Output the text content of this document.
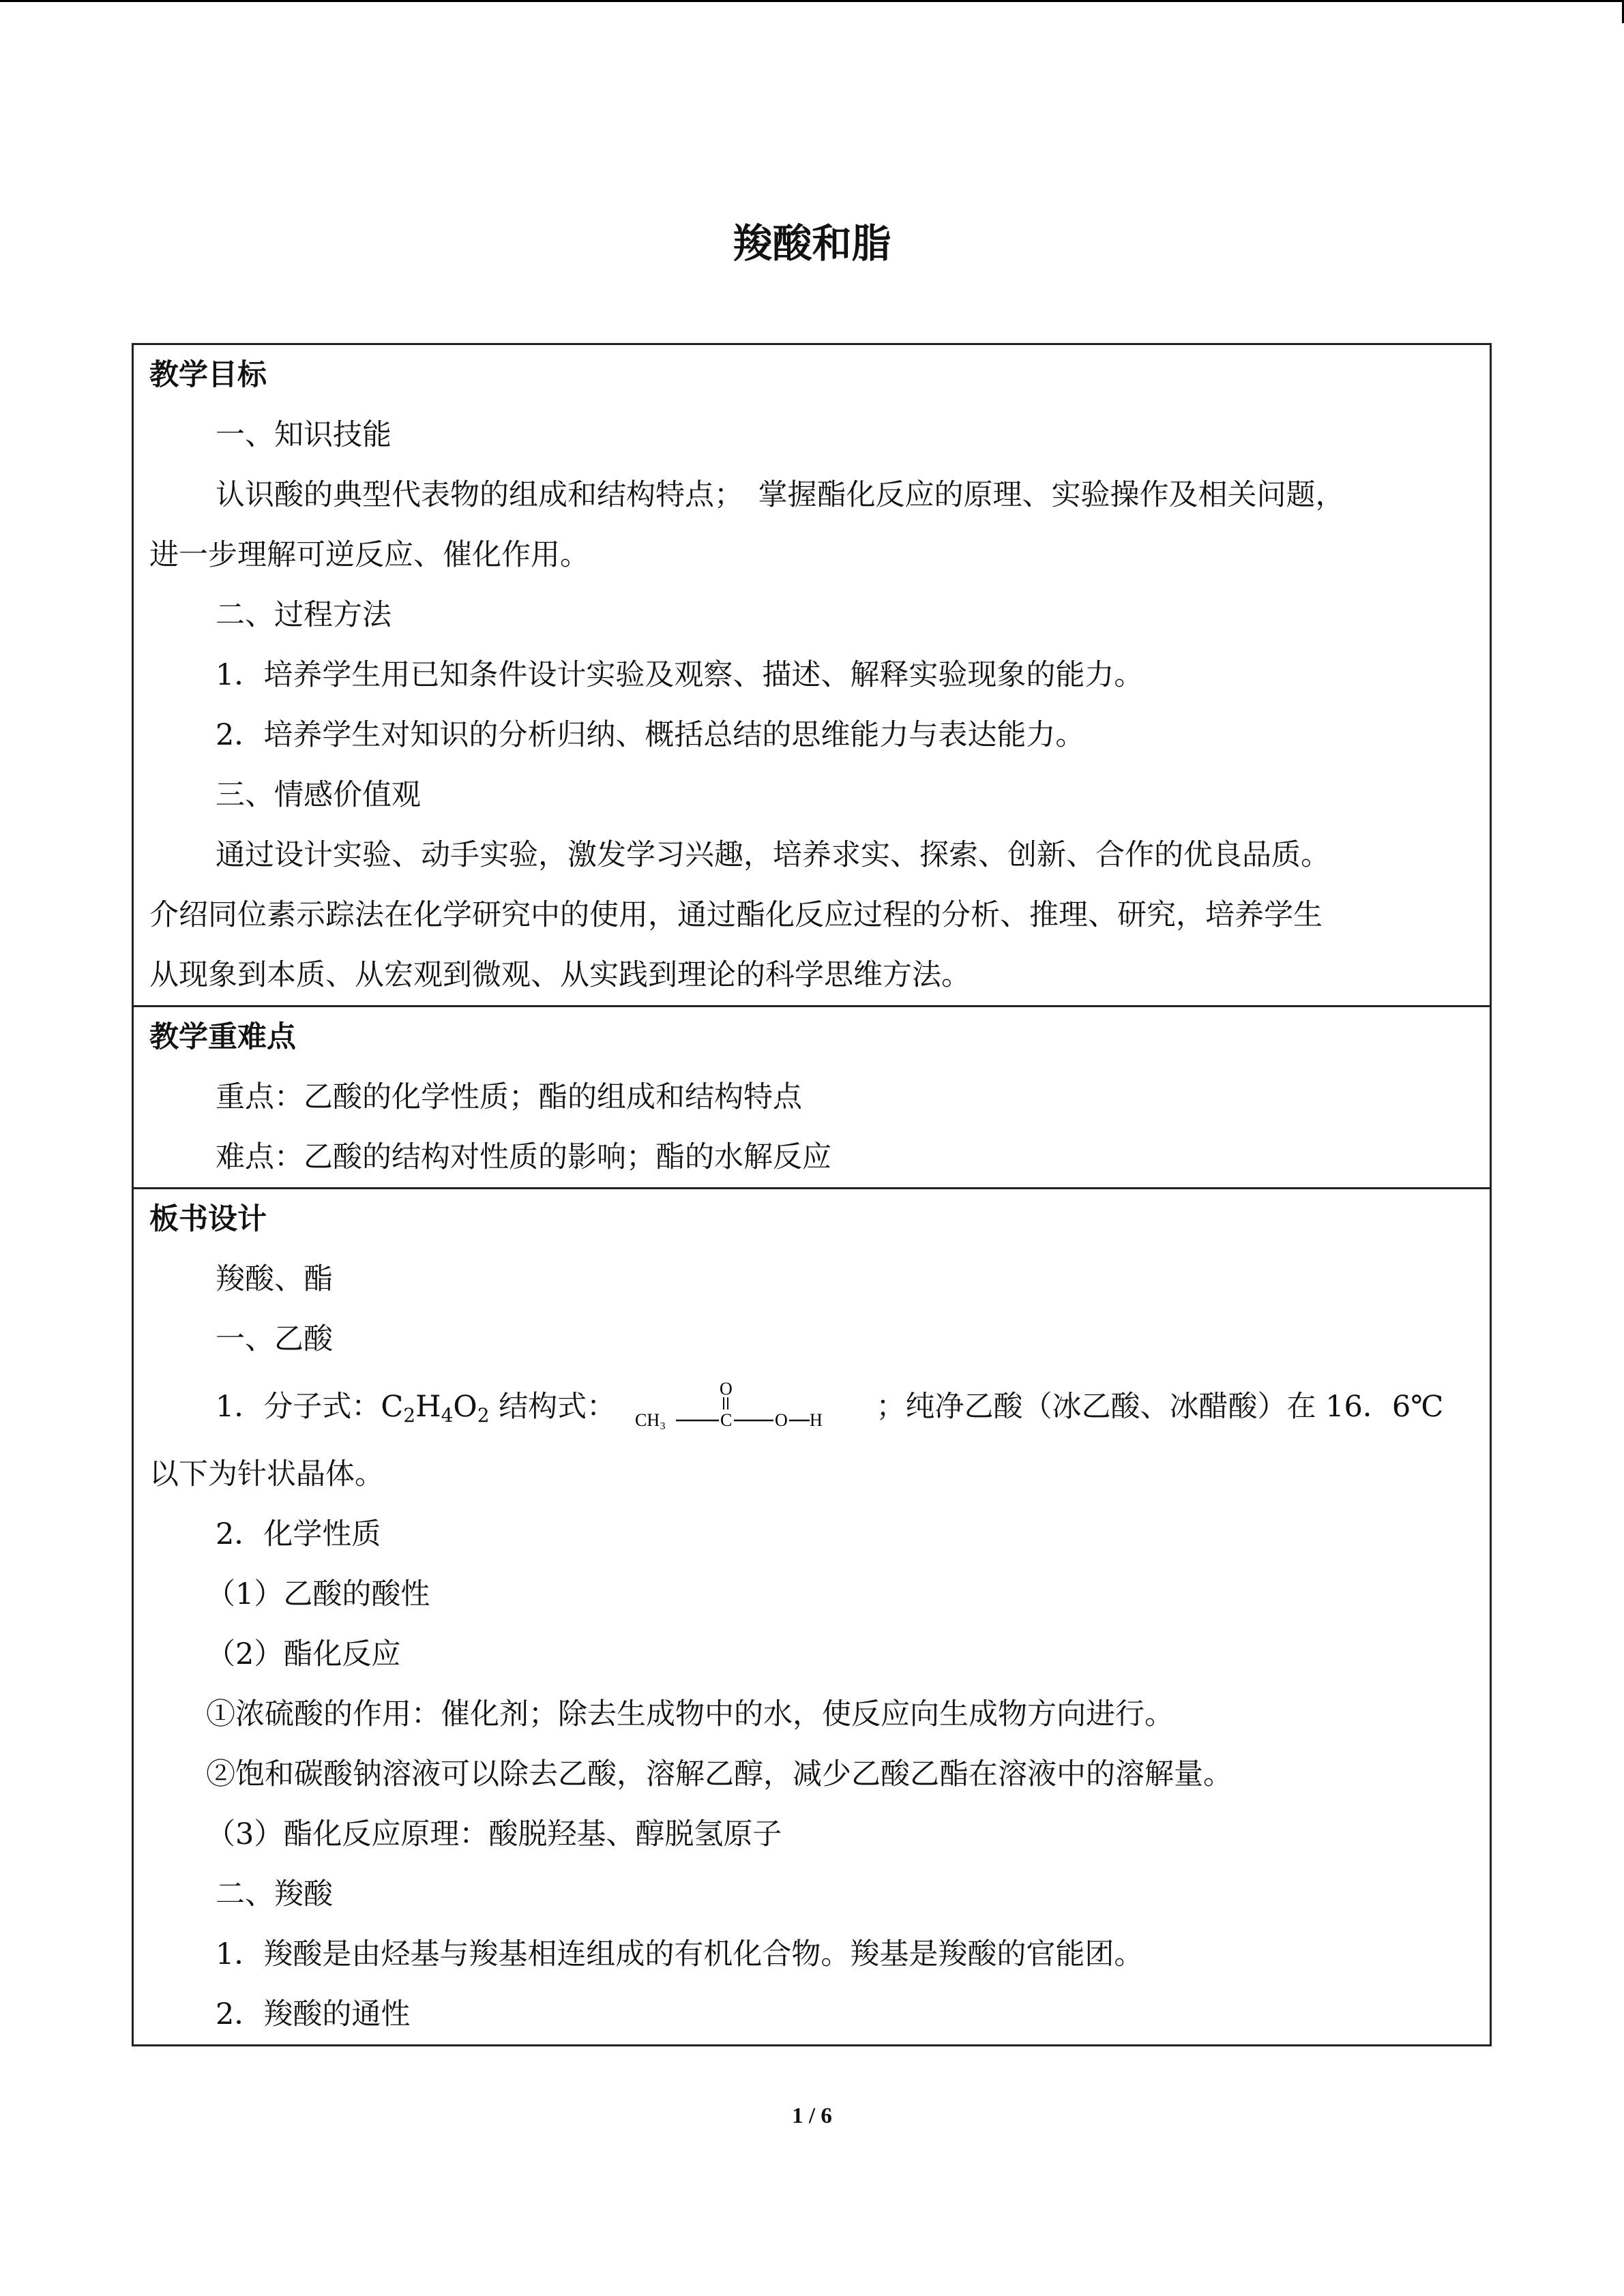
羧酸和脂
教学目标
一、知识技能
认识酸的典型代表物的组成和结构特点；　掌握酯化反应的原理、实验操作及相关问题，
进一步理解可逆反应、催化作用。
二、过程方法
1．培养学生用已知条件设计实验及观察、描述、解释实验现象的能力。
2．培养学生对知识的分析归纳、概括总结的思维能力与表达能力。
三、情感价值观
通过设计实验、动手实验，激发学习兴趣，培养求实、探索、创新、合作的优良品质。
介绍同位素示踪法在化学研究中的使用，通过酯化反应过程的分析、推理、研究，培养学生
从现象到本质、从宏观到微观、从实践到理论的科学思维方法。
教学重难点
重点：乙酸的化学性质；酯的组成和结构特点
难点：乙酸的结构对性质的影响；酯的水解反应
板书设计
羧酸、酯
一、乙酸
1．分子式：$C_2H_4O_2$ 结构式： CH₃	C
O
O H ；纯净乙酸（冰乙酸、冰醋酸）在 16．6℃
以下为针状晶体。
2．化学性质
（1）乙酸的酸性
（2）酯化反应
①浓硫酸的作用：催化剂；除去生成物中的水，使反应向生成物方向进行。
②饱和碳酸钠溶液可以除去乙酸，溶解乙醇，减少乙酸乙酯在溶液中的溶解量。
（3）酯化反应原理：酸脱羟基、醇脱氢原子
二、羧酸
1．羧酸是由烃基与羧基相连组成的有机化合物。羧基是羧酸的官能团。
2．羧酸的通性
1 / 6
